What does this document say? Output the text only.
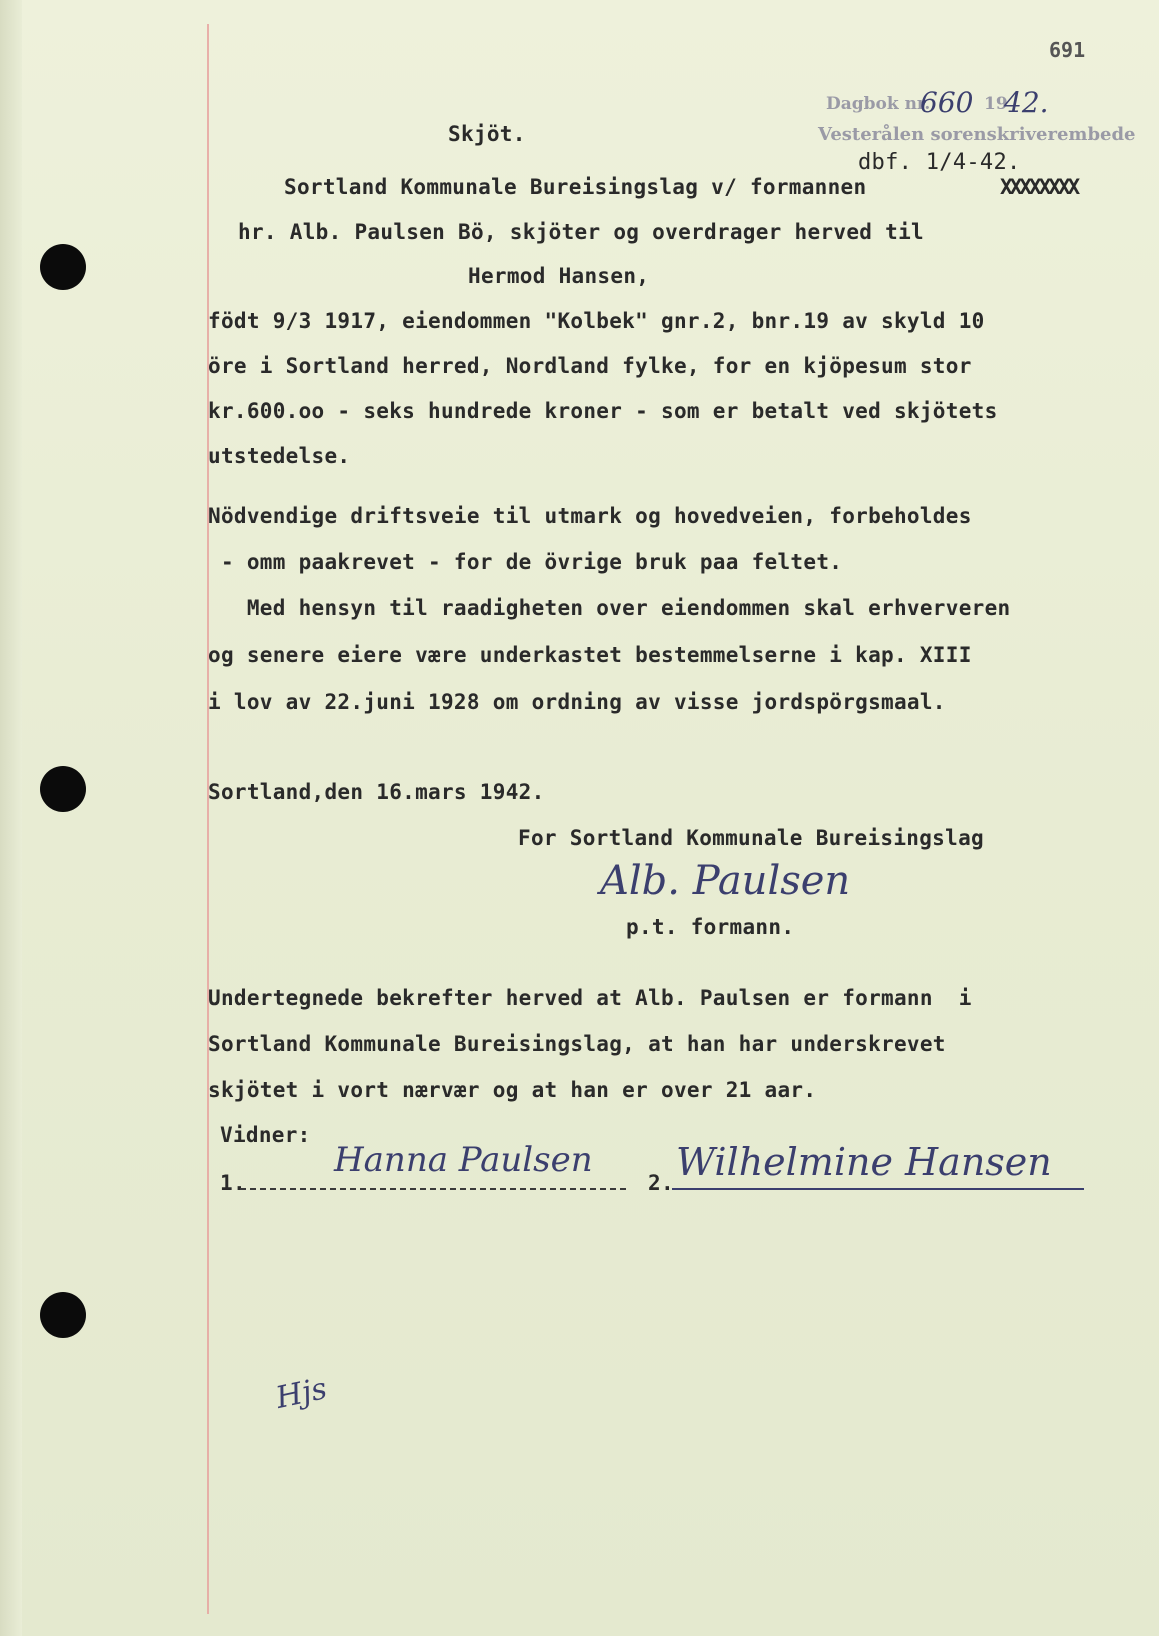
691
Dagbok nr.
660 19
42.
Vesterålen sorenskriverembede
dbf. 1/4-42.
Skjöt.
Sortland Kommunale Bureisingslag v/ formannen	XXXXXXXX
hr. Alb. Paulsen Bö, skjöter og overdrager herved til
Hermod Hansen,
födt 9/3 1917, eiendommen "Kolbek" gnr.2, bnr.19 av skyld 10
öre i Sortland herred, Nordland fylke, for en kjöpesum stor
kr.600.oo - seks hundrede kroner - som er betalt ved skjötets
utstedelse.
Nödvendige driftsveie til utmark og hovedveien, forbeholdes
- omm paakrevet - for de övrige bruk paa feltet.
Med hensyn til raadigheten over eiendommen skal erhververen
og senere eiere være underkastet bestemmelserne i kap. XIII
i lov av 22.juni 1928 om ordning av visse jordspörgsmaal.
Sortland,den 16.mars 1942.
For Sortland Kommunale Bureisingslag
Alb. Paulsen
p.t. formann.
Undertegnede bekrefter herved at Alb. Paulsen er formann  i
Sortland Kommunale Bureisingslag, at han har underskrevet
skjötet i vort nærvær og at han er over 21 aar.
Vidner:
1.
Hanna Paulsen
2. Wilhelmine Hansen
Hjs
